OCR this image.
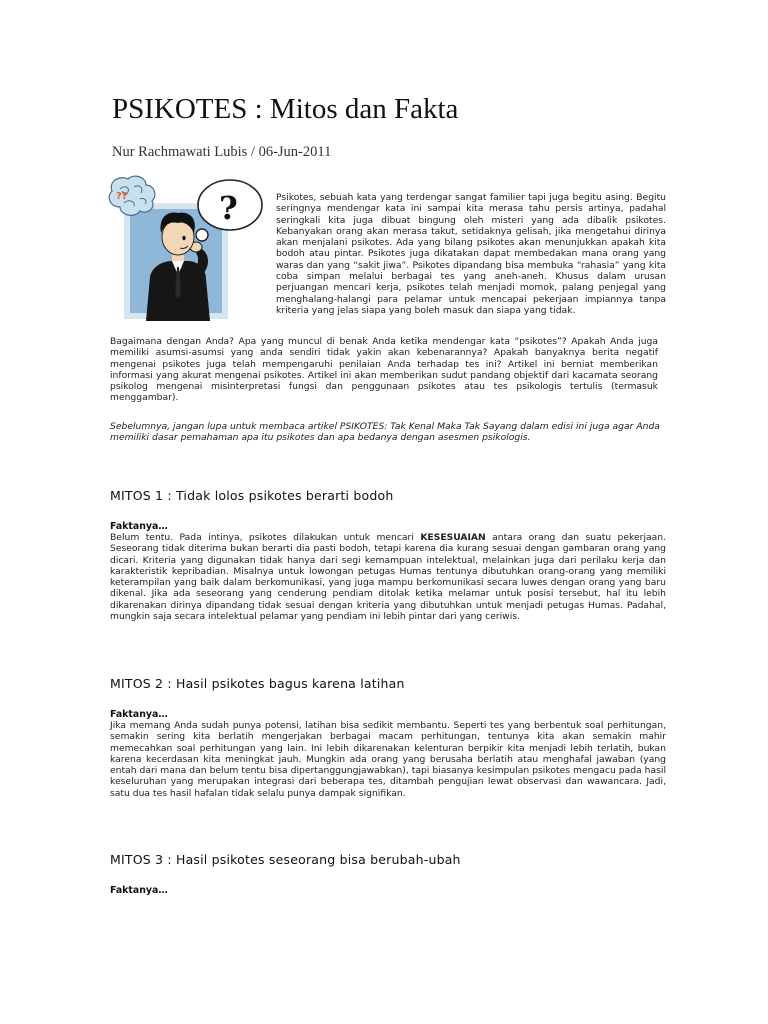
PSIKOTES : Mitos dan Fakta
Nur Rachmawati Lubis / 06-Jun-2011
??	?	Psikotes, sebuah kata yang terdengar sangat familier tapi juga begitu asing. Begitu seringnya mendengar kata ini sampai kita merasa tahu persis artinya, padahal seringkali kita juga dibuat bingung oleh misteri yang ada dibalik psikotes. Kebanyakan orang akan merasa takut, setidaknya gelisah, jika mengetahui dirinya akan menjalani psikotes. Ada yang bilang psikotes akan menunjukkan apakah kita bodoh atau pintar. Psikotes juga dikatakan dapat membedakan mana orang yang waras dan yang “sakit jiwa”. Psikotes dipandang bisa membuka “rahasia” yang kita coba simpan melalui berbagai tes yang aneh-aneh. Khusus dalam urusan perjuangan mencari kerja, psikotes telah menjadi momok, palang penjegal yang menghalang-halangi para pelamar untuk mencapai pekerjaan impiannya tanpa kriteria yang jelas siapa yang boleh masuk dan siapa yang tidak.

Bagaimana dengan Anda? Apa yang muncul di benak Anda ketika mendengar kata “psikotes”? Apakah Anda juga memiliki asumsi-asumsi yang anda sendiri tidak yakin akan kebenarannya? Apakah banyaknya berita negatif mengenai psikotes juga telah mempengaruhi penilaian Anda terhadap tes ini? Artikel ini berniat memberikan informasi yang akurat mengenai psikotes. Artikel ini akan memberikan sudut pandang objektif dari kacamata seorang psikolog mengenai misinterpretasi fungsi dan penggunaan psikotes atau tes psikologis tertulis (termasuk menggambar).

Sebelumnya, jangan lupa untuk membaca artikel PSIKOTES: Tak Kenal Maka Tak Sayang dalam edisi ini juga agar Anda memiliki dasar pemahaman apa itu psikotes dan apa bedanya dengan asesmen psikologis.

MITOS 1 : Tidak lolos psikotes berarti bodoh
Faktanya…

Belum tentu. Pada intinya, psikotes dilakukan untuk mencari KESESUAIAN antara orang dan suatu pekerjaan. Seseorang tidak diterima bukan berarti dia pasti bodoh, tetapi karena dia kurang sesuai dengan gambaran orang yang dicari. Kriteria yang digunakan tidak hanya dari segi kemampuan intelektual, melainkan juga dari perilaku kerja dan karakteristik kepribadian. Misalnya untuk lowongan petugas Humas tentunya dibutuhkan orang-orang yang memiliki keterampilan yang baik dalam berkomunikasi, yang juga mampu berkomunikasi secara luwes dengan orang yang baru dikenal. Jika ada seseorang yang cenderung pendiam ditolak ketika melamar untuk posisi tersebut, hal itu lebih dikarenakan dirinya dipandang tidak sesuai dengan kriteria yang dibutuhkan untuk menjadi petugas Humas. Padahal, mungkin saja secara intelektual pelamar yang pendiam ini lebih pintar dari yang ceriwis.

MITOS 2 : Hasil psikotes bagus karena latihan
Faktanya…

Jika memang Anda sudah punya potensi, latihan bisa sedikit membantu. Seperti tes yang berbentuk soal perhitungan, semakin sering kita berlatih mengerjakan berbagai macam perhitungan, tentunya kita akan semakin mahir memecahkan soal perhitungan yang lain. Ini lebih dikarenakan kelenturan berpikir kita menjadi lebih terlatih, bukan karena kecerdasan kita meningkat jauh. Mungkin ada orang yang berusaha berlatih atau menghafal jawaban (yang entah dari mana dan belum tentu bisa dipertanggungjawabkan), tapi biasanya kesimpulan psikotes mengacu pada hasil keseluruhan yang merupakan integrasi dari beberapa tes, ditambah pengujian lewat observasi dan wawancara. Jadi, satu dua tes hasil hafalan tidak selalu punya dampak signifikan.

MITOS 3 : Hasil psikotes seseorang bisa berubah-ubah
Faktanya…
